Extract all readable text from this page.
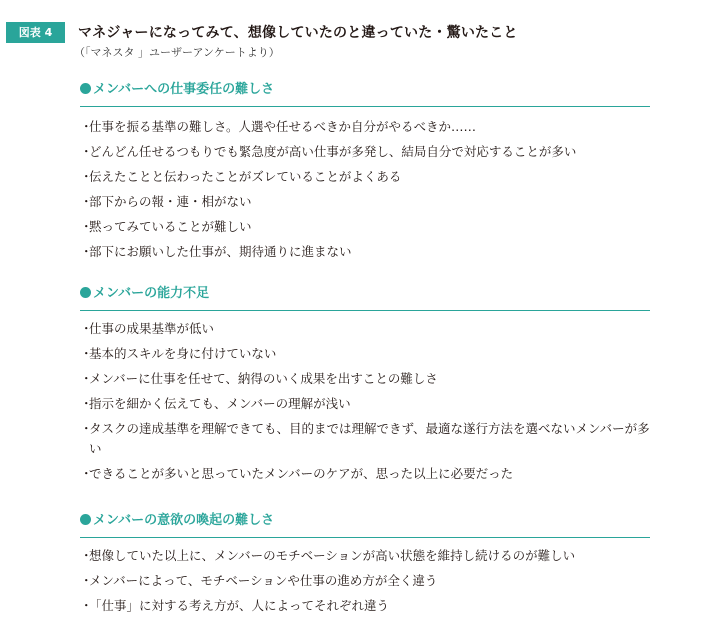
図表 4	マネジャーになってみて、想像していたのと違っていた・驚いたこと
（「マネスタ 」ユーザーアンケートより）
メンバーへの仕事委任の難しさ
・
仕事を振る基準の難しさ。人選や任せるべきか自分がやるべきか……
・
どんどん任せるつもりでも緊急度が高い仕事が多発し、結局自分で対応することが多い
・
伝えたことと伝わったことがズレていることがよくある
・
部下からの報・連・相がない
・
黙ってみていることが難しい
・
部下にお願いした仕事が、期待通りに進まない
メンバーの能力不足
・
仕事の成果基準が低い
・
基本的スキルを身に付けていない
・
メンバーに仕事を任せて、納得のいく成果を出すことの難しさ
・
指示を細かく伝えても、メンバーの理解が浅い
・
タスクの達成基準を理解できても、目的までは理解できず、最適な遂行方法を選べないメンバーが多い
・
できることが多いと思っていたメンバーのケアが、思った以上に必要だった
メンバーの意欲の喚起の難しさ
・
想像していた以上に、メンバーのモチベーションが高い状態を維持し続けるのが難しい
・
メンバーによって、モチベーションや仕事の進め方が全く違う
・
「仕事」に対する考え方が、人によってそれぞれ違う
